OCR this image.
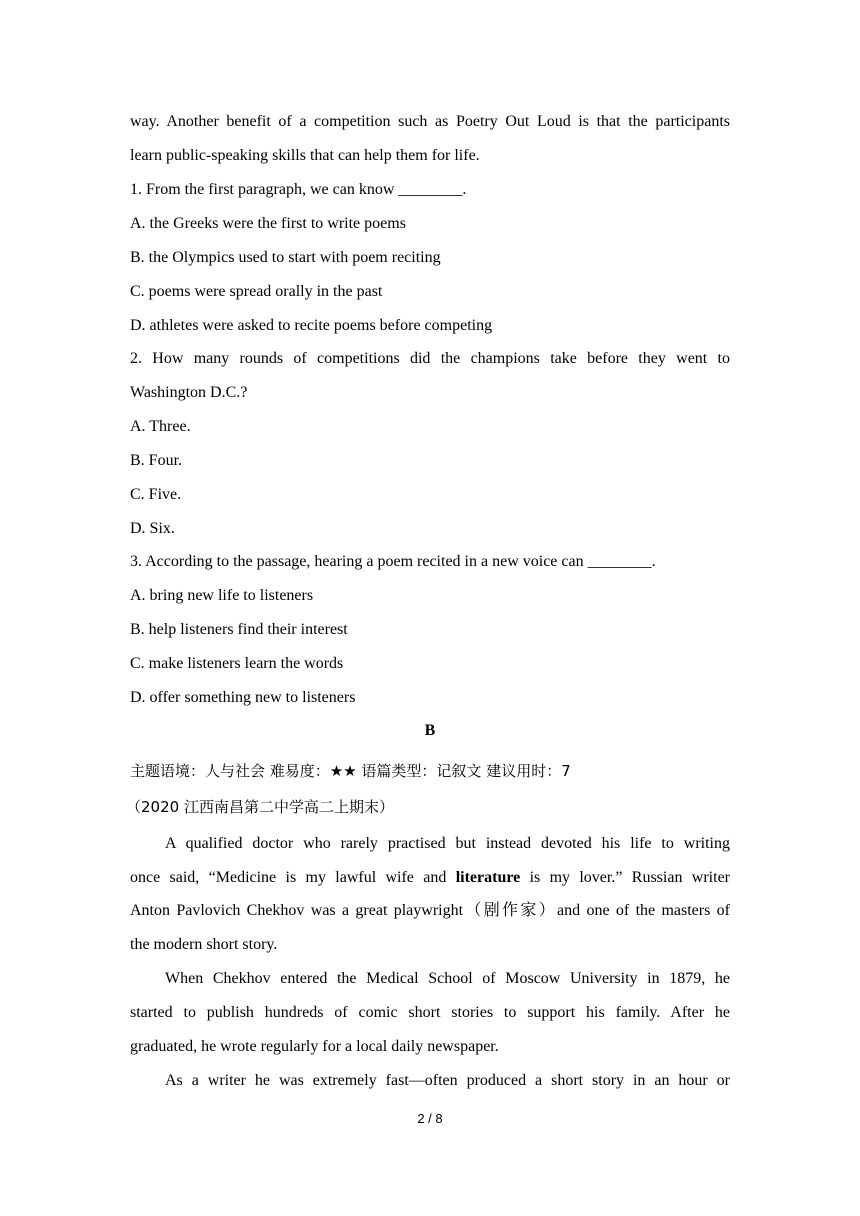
way. Another benefit of a competition such as Poetry Out Loud is that the participants
learn public-speaking skills that can help them for life.
1. From the first paragraph, we can know ________.
A. the Greeks were the first to write poems
B. the Olympics used to start with poem reciting
C. poems were spread orally in the past
D. athletes were asked to recite poems before competing
2. How many rounds of competitions did the champions take before they went to
Washington D.C.?
A. Three.
B. Four.
C. Five.
D. Six.
3. According to the passage, hearing a poem recited in a new voice can ________.
A. bring new life to listeners
B. help listeners find their interest
C. make listeners learn the words
D. offer something new to listeners
B
主题语境：人与社会 难易度：★★ 语篇类型：记叙文 建议用时：7
（2020 江西南昌第二中学高二上期末）
A qualified doctor who rarely practised but instead devoted his life to writing
once said, “Medicine is my lawful wife and literature is my lover.” Russian writer
Anton Pavlovich Chekhov was a great playwright（剧作家）and one of the masters of
the modern short story.
When Chekhov entered the Medical School of Moscow University in 1879, he
started to publish hundreds of comic short stories to support his family. After he
graduated, he wrote regularly for a local daily newspaper.
As a writer he was extremely fast—often produced a short story in an hour or
2 / 8
